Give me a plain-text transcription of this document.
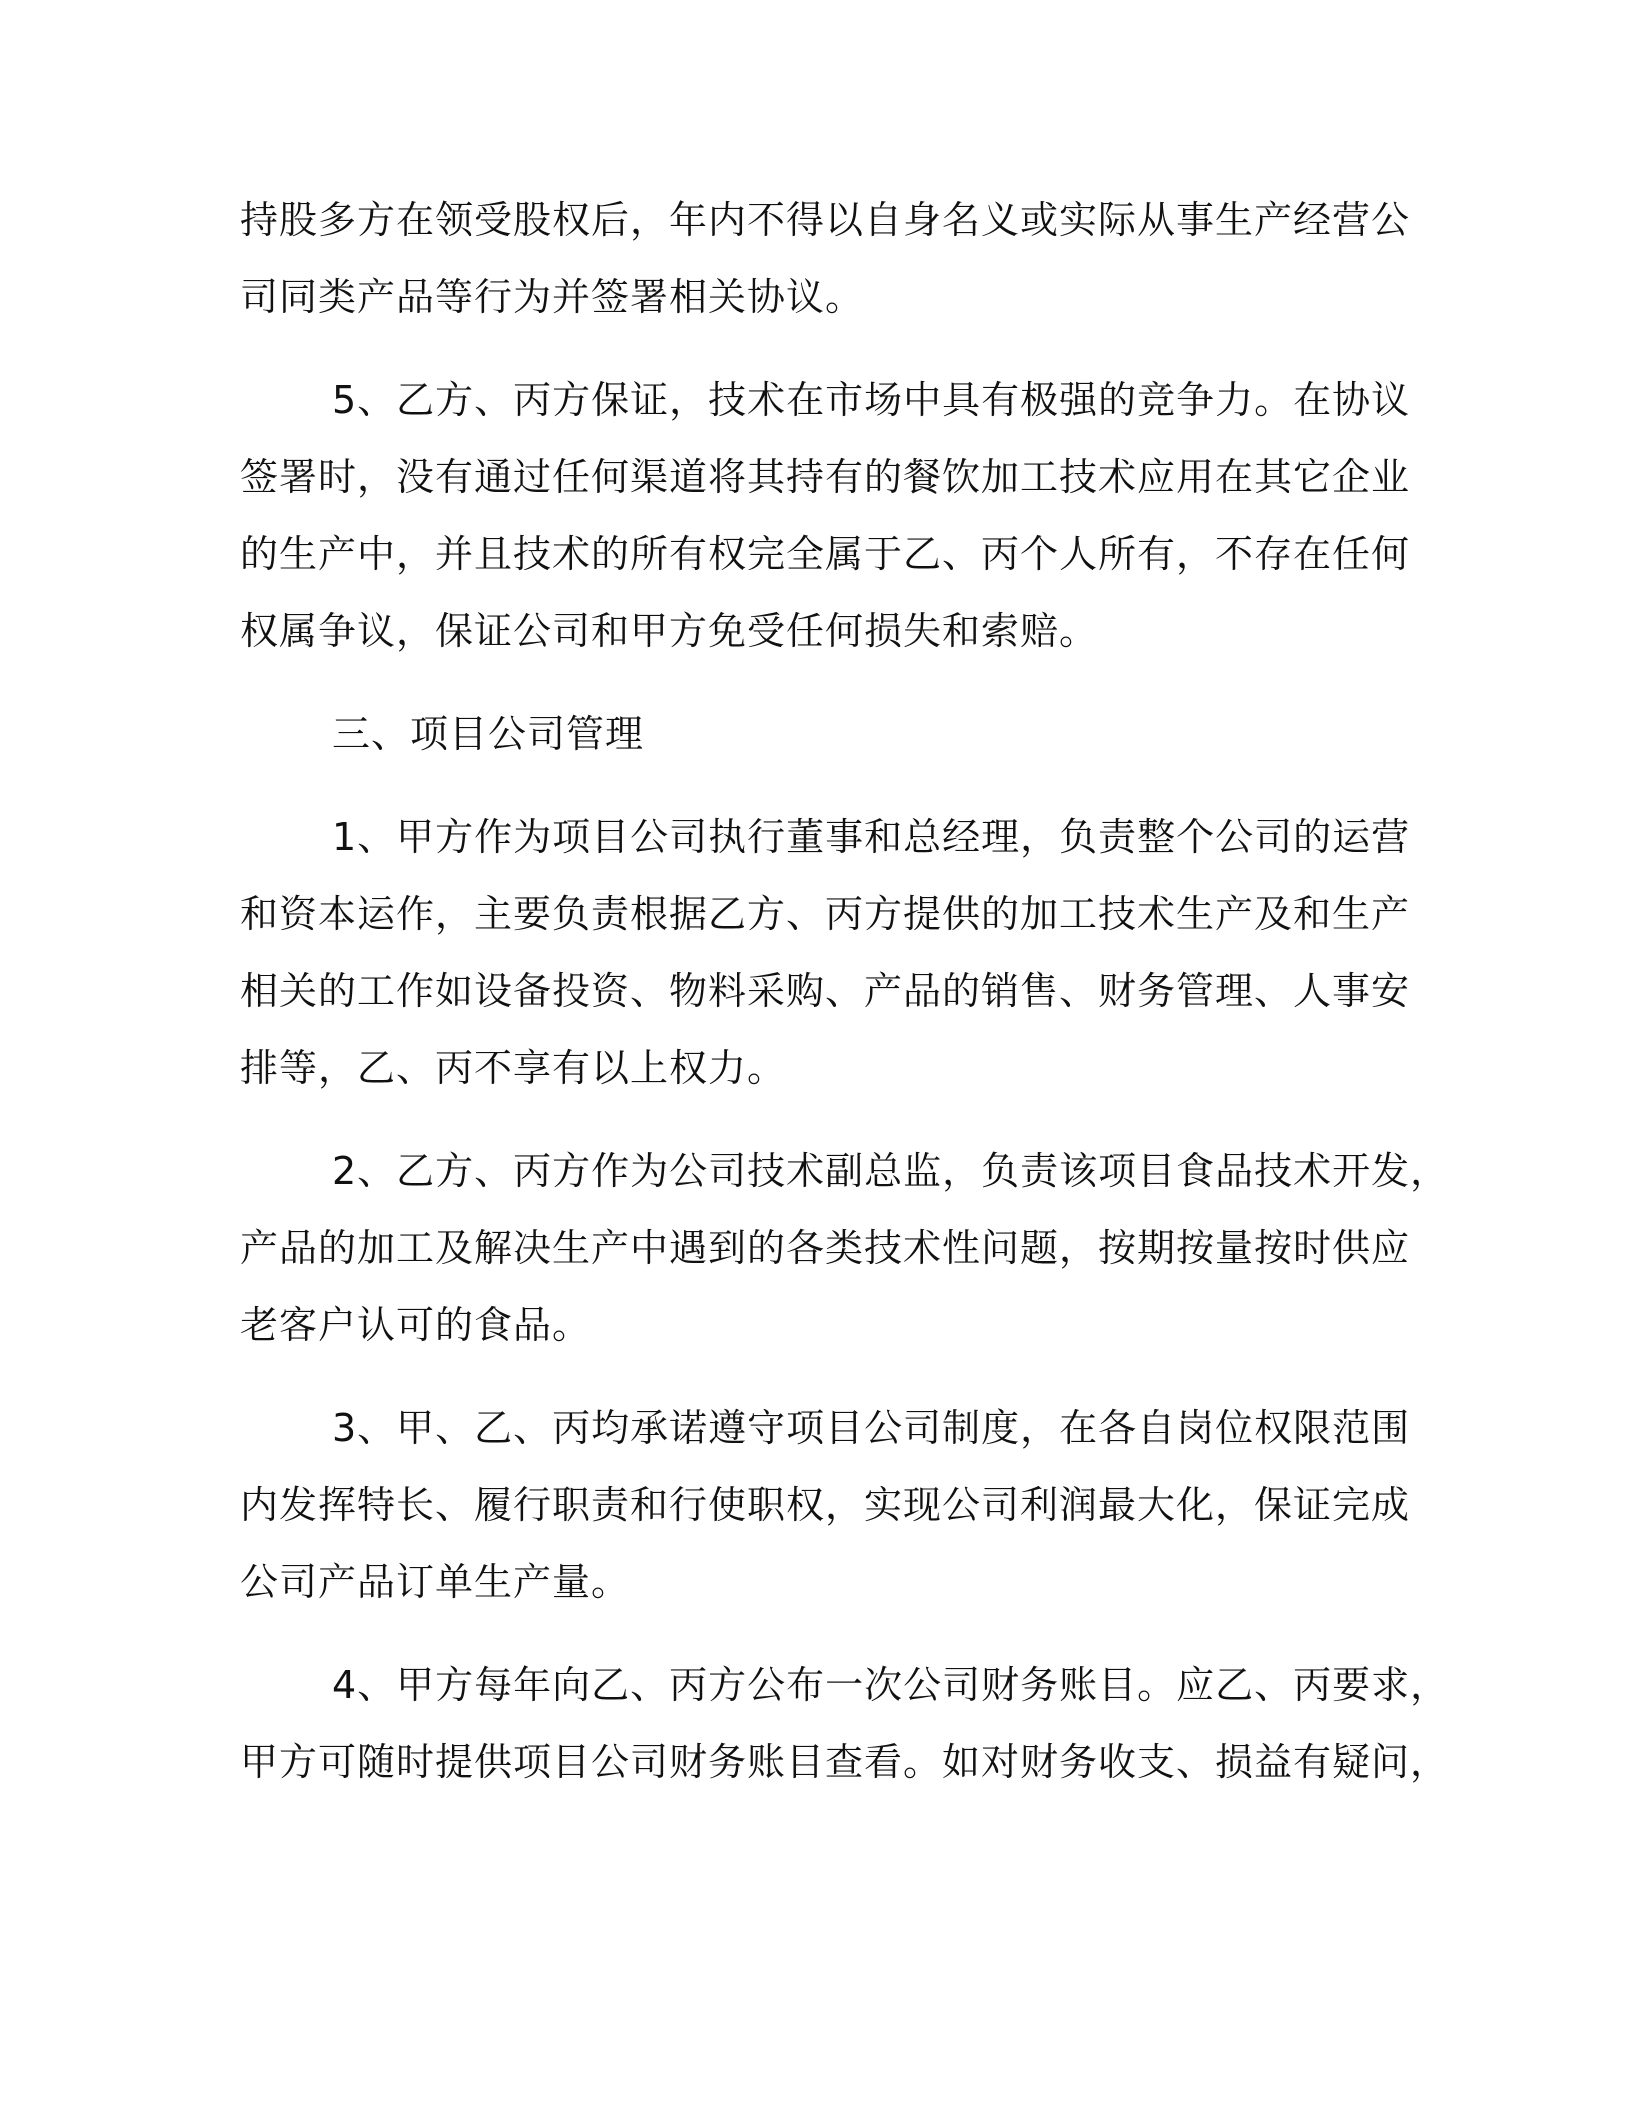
持股多方在领受股权后，年内不得以自身名义或实际从事生产经营公
司同类产品等行为并签署相关协议。

5、乙方、丙方保证，技术在市场中具有极强的竞争力。在协议
签署时，没有通过任何渠道将其持有的餐饮加工技术应用在其它企业
的生产中，并且技术的所有权完全属于乙、丙个人所有，不存在任何
权属争议，保证公司和甲方免受任何损失和索赔。

三、项目公司管理

1、甲方作为项目公司执行董事和总经理，负责整个公司的运营
和资本运作，主要负责根据乙方、丙方提供的加工技术生产及和生产
相关的工作如设备投资、物料采购、产品的销售、财务管理、人事安
排等，乙、丙不享有以上权力。

2、乙方、丙方作为公司技术副总监，负责该项目食品技术开发，
产品的加工及解决生产中遇到的各类技术性问题，按期按量按时供应
老客户认可的食品。

3、甲、乙、丙均承诺遵守项目公司制度，在各自岗位权限范围
内发挥特长、履行职责和行使职权，实现公司利润最大化，保证完成
公司产品订单生产量。

4、甲方每年向乙、丙方公布一次公司财务账目。应乙、丙要求，
甲方可随时提供项目公司财务账目查看。如对财务收支、损益有疑问，
